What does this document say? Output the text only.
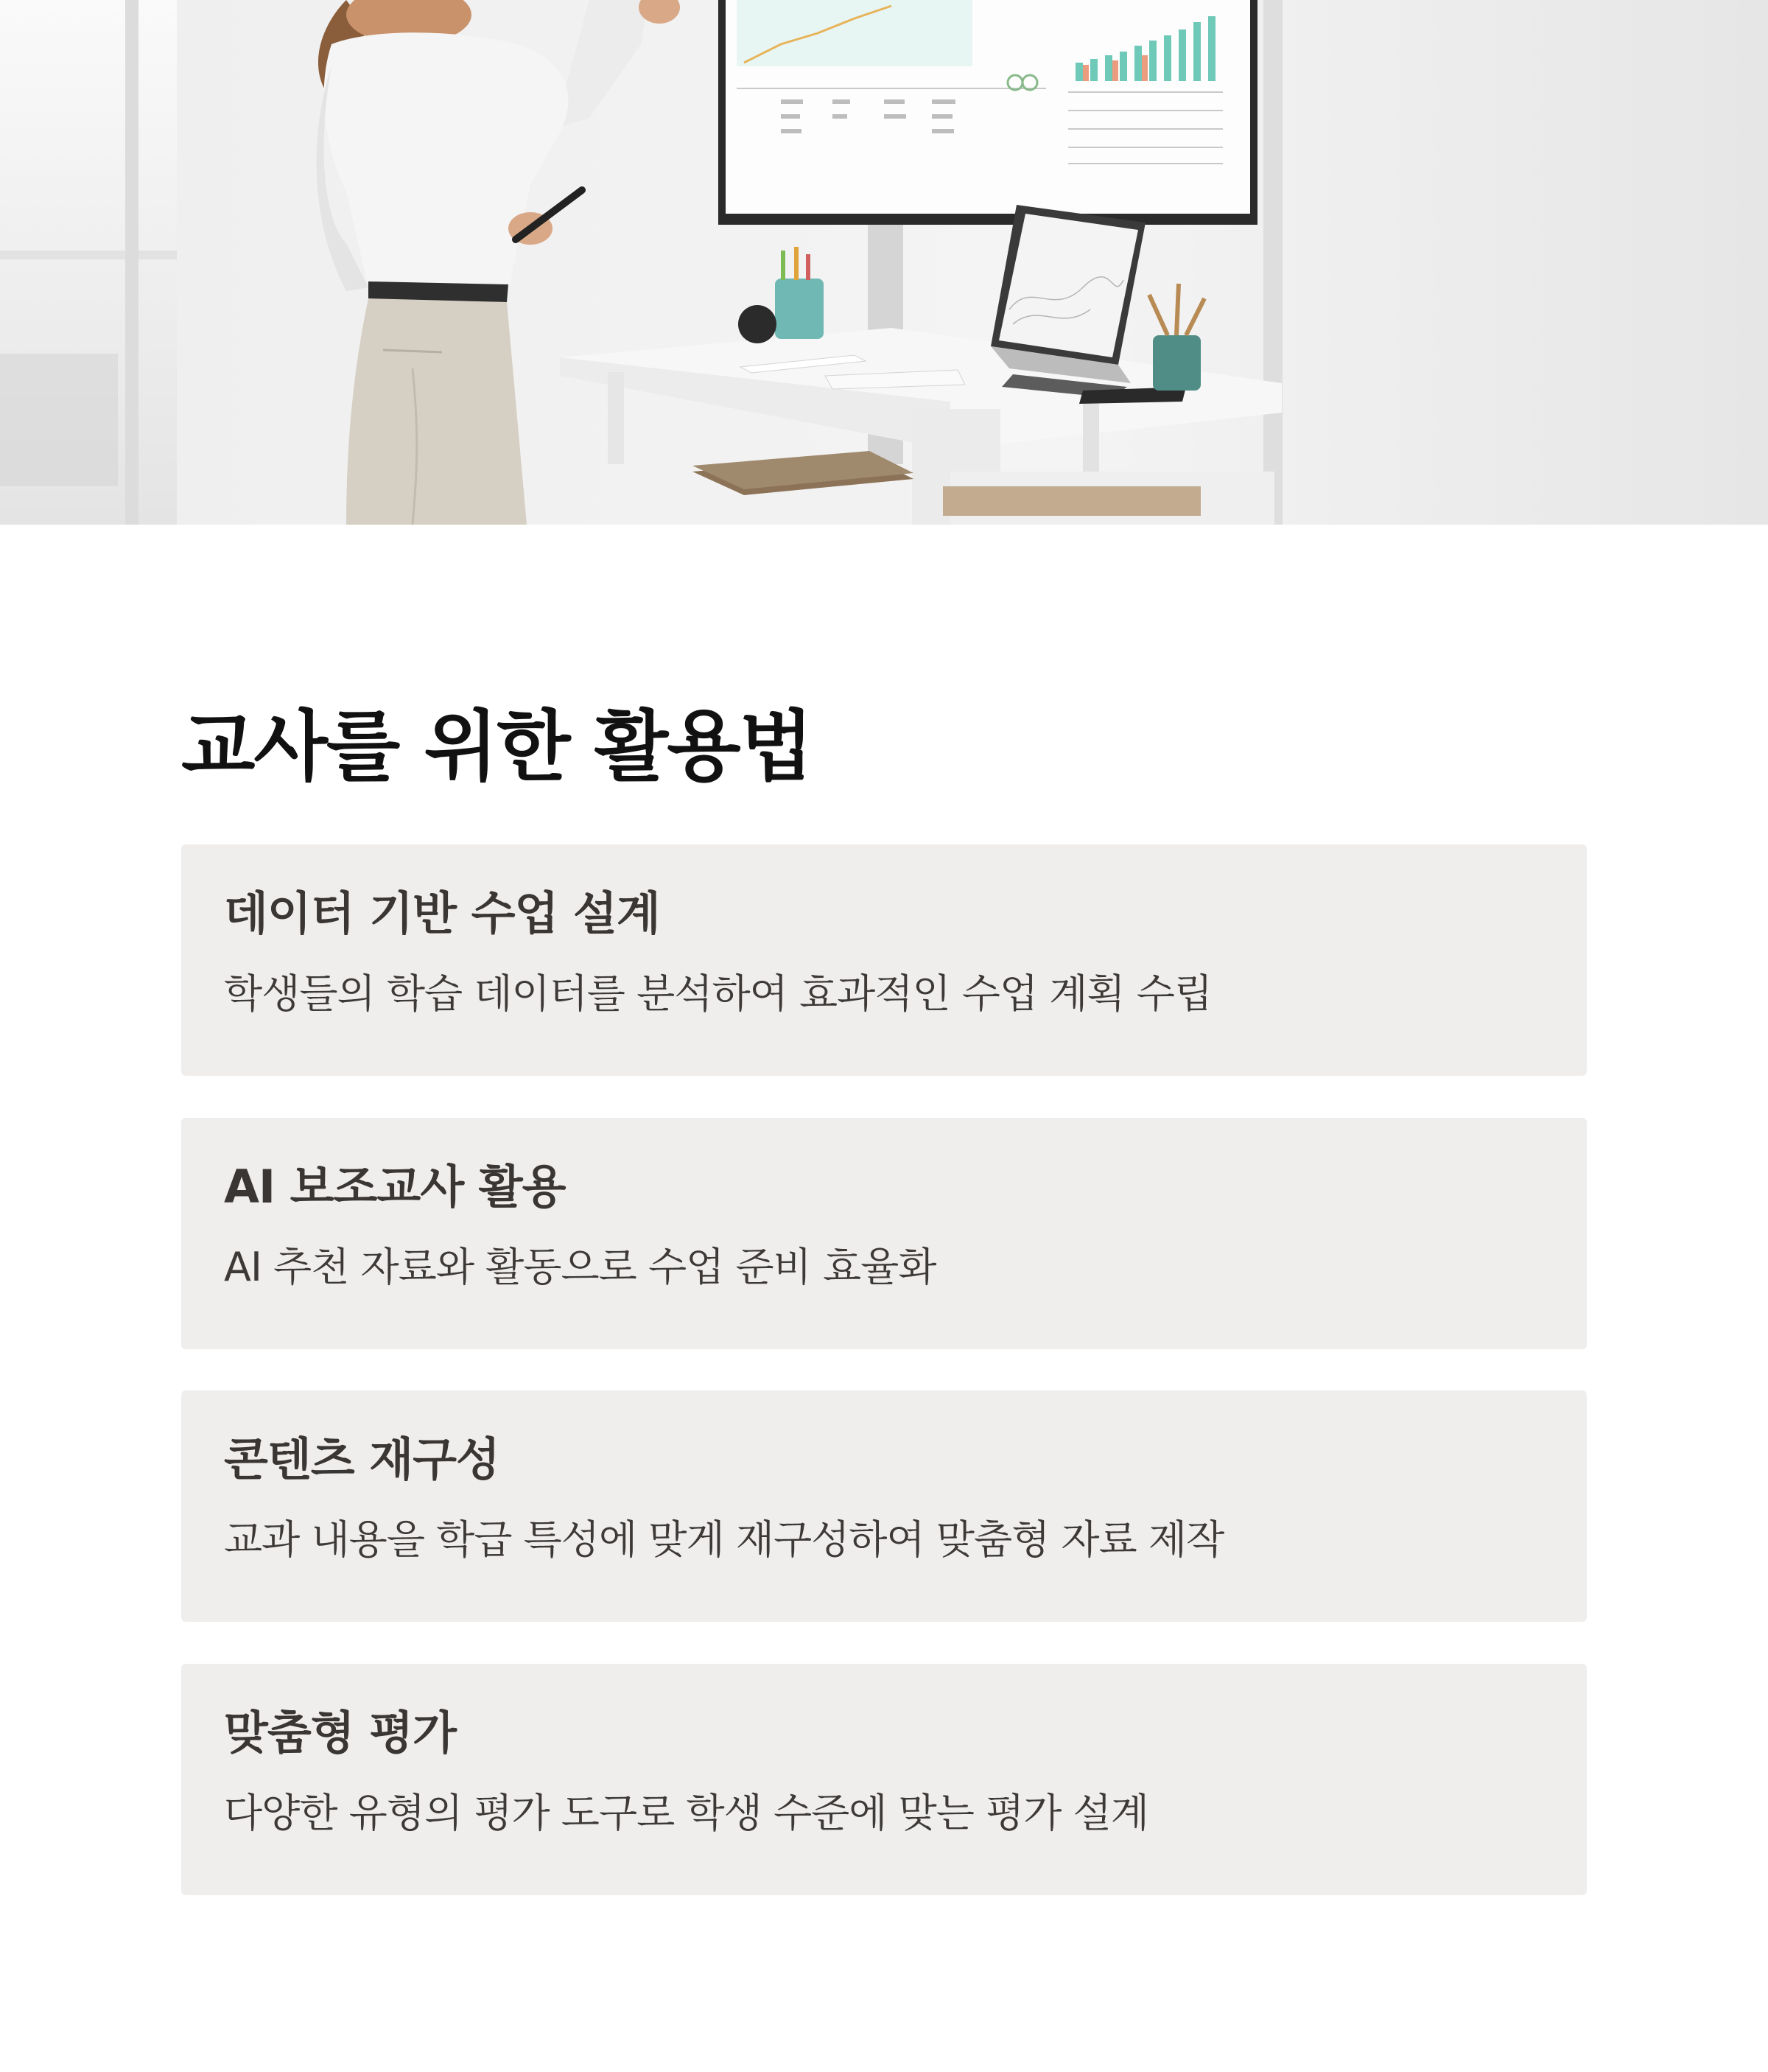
교사를 위한 활용법
데이터 기반 수업 설계

학생들의 학습 데이터를 분석하여 효과적인 수업 계획 수립

AI 보조교사 활용

AI 추천 자료와 활동으로 수업 준비 효율화

콘텐츠 재구성

교과 내용을 학급 특성에 맞게 재구성하여 맞춤형 자료 제작

맞춤형 평가

다양한 유형의 평가 도구로 학생 수준에 맞는 평가 설계
